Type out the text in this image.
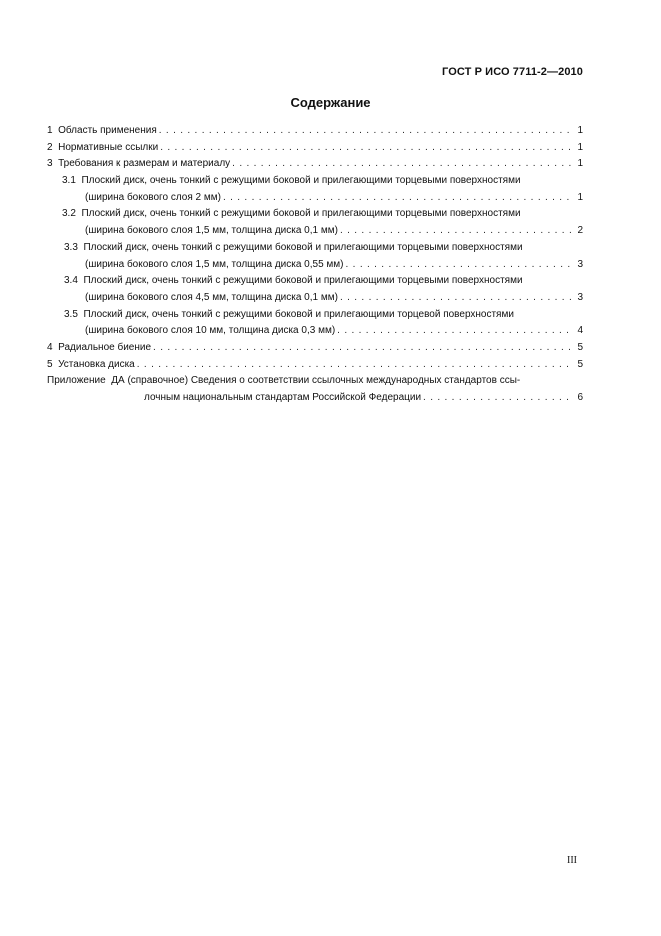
ГОСТ Р ИСО 7711-2—2010
Содержание
1 Область применения . . .	1
2 Нормативные ссылки . . .	1
3 Требования к размерам и материалу . . .	1
3.1 Плоский диск, очень тонкий с режущими боковой и прилегающими торцевыми поверхностями
(ширина бокового слоя 2 мм) . . .	1
3.2 Плоский диск, очень тонкий с режущими боковой и прилегающими торцевыми поверхностями
(ширина бокового слоя 1,5 мм, толщина диска 0,1 мм) . . .	2
3.3 Плоский диск, очень тонкий с режущими боковой и прилегающими торцевыми поверхностями
(ширина бокового слоя 1,5 мм, толщина диска 0,55 мм) . . .	3
3.4 Плоский диск, очень тонкий с режущими боковой и прилегающими торцевыми поверхностями
(ширина бокового слоя 4,5 мм, толщина диска 0,1 мм) . . .	3
3.5 Плоский диск, очень тонкий с режущими боковой и прилегающими торцевой поверхностями
(ширина бокового слоя 10 мм, толщина диска 0,3 мм) . . .	4
4 Радиальное биение . . .	5
5 Установка диска . . .	5
Приложение ДА (справочное) Сведения о соответствии ссылочных международных стандартов ссы-
лочным национальным стандартам Российской Федерации . . .	6
III
